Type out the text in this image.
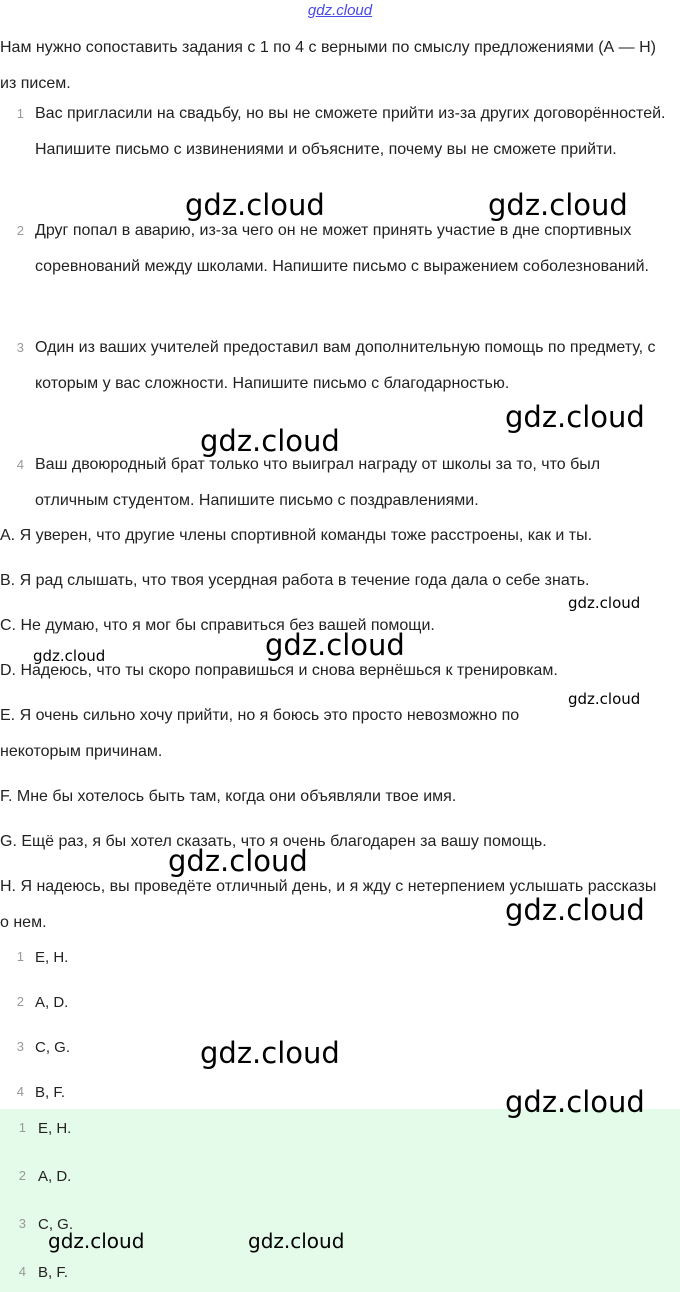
gdz.cloud
Нам нужно сопоставить задания с 1 по 4 с верными по смыслу предложениями (А — Н) из писем.
1 Вас пригласили на свадьбу, но вы не сможете прийти из-за других договорённостей. Напишите письмо с извинениями и объясните, почему вы не сможете прийти.
2 Друг попал в аварию, из-за чего он не может принять участие в дне спортивных соревнований между школами. Напишите письмо с выражением соболезнований.
3 Один из ваших учителей предоставил вам дополнительную помощь по предмету, с которым у вас сложности. Напишите письмо с благодарностью.
4 Ваш двоюродный брат только что выиграл награду от школы за то, что был отличным студентом. Напишите письмо с поздравлениями.
A. Я уверен, что другие члены спортивной команды тоже расстроены, как и ты.
B. Я рад слышать, что твоя усердная работа в течение года дала о себе знать.
C. Не думаю, что я мог бы справиться без вашей помощи.
D. Надеюсь, что ты скоро поправишься и снова вернёшься к тренировкам.
E. Я очень сильно хочу прийти, но я боюсь это просто невозможно по некоторым причинам.
F. Мне бы хотелось быть там, когда они объявляли твое имя.
G. Ещё раз, я бы хотел сказать, что я очень благодарен за вашу помощь.
H. Я надеюсь, вы проведёте отличный день, и я жду с нетерпением услышать рассказы о нем.
1 E, H.
2 A, D.
3 C, G.
4 B, F.
1 E, H.
2 A, D.
3 C, G.
4 B, F.
gdz.cloud	gdz.cloud
gdz.cloud
gdz.cloud
gdz.cloud
gdz.cloud
gdz.cloud
gdz.cloud
gdz.cloud
gdz.cloud
gdz.cloud
gdz.cloud
gdz.cloud	gdz.cloud
